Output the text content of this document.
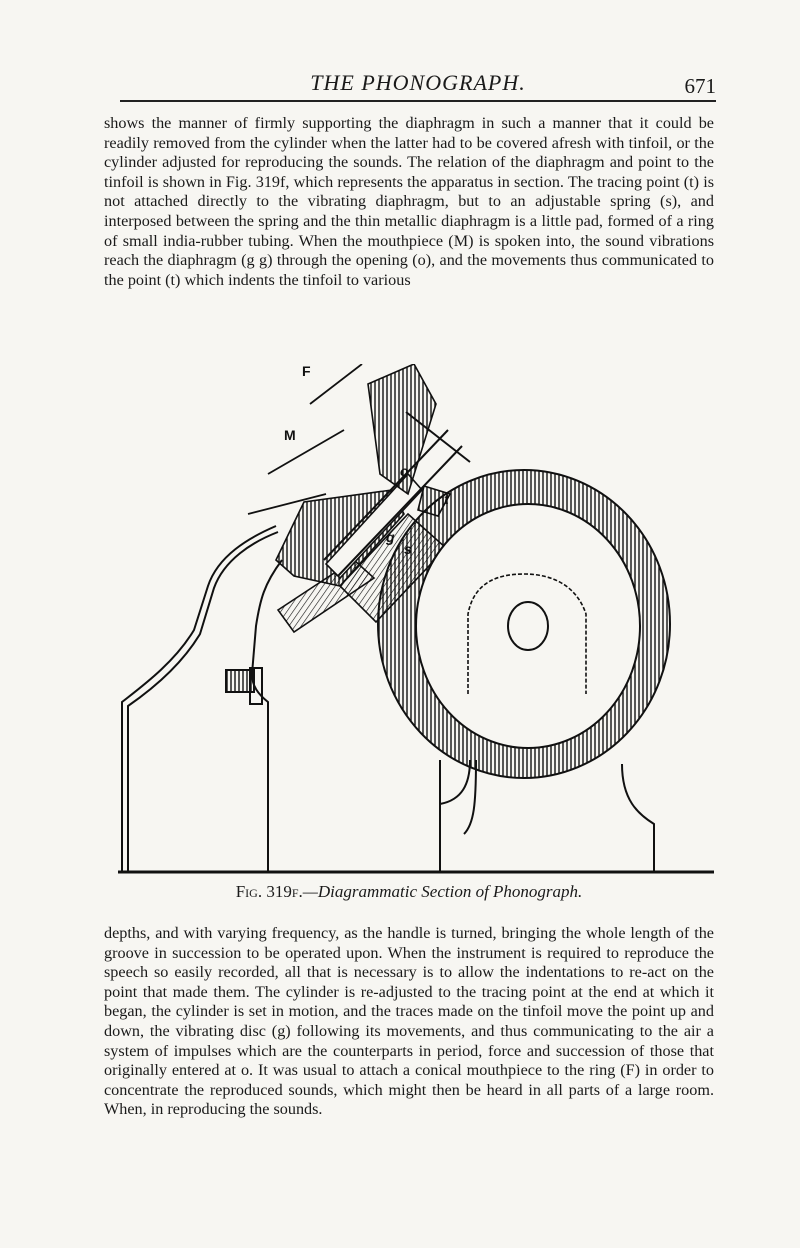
THE PHONOGRAPH.	671

shows the manner of firmly supporting the diaphragm in such a manner that it could be readily removed from the cylinder when the latter had to be covered afresh with tinfoil, or the cylinder adjusted for reproducing the sounds. The relation of the diaphragm and point to the tinfoil is shown in Fig. 319f, which represents the apparatus in section. The tracing point (t) is not attached directly to the vibrating diaphragm, but to an adjustable spring (s), and interposed between the spring and the thin metallic diaphragm is a little pad, formed of a ring of small india-rubber tubing. When the mouthpiece (M) is spoken into, the sound vibrations reach the diaphragm (g g) through the opening (o), and the movements thus communicated to the point (t) which indents the tinfoil to various

F
M
o
t
g
s
Fig. 319f.—Diagrammatic Section of Phonograph.

depths, and with varying frequency, as the handle is turned, bringing the whole length of the groove in succession to be operated upon. When the instrument is required to reproduce the speech so easily recorded, all that is necessary is to allow the indentations to re-act on the point that made them. The cylinder is re-adjusted to the tracing point at the end at which it began, the cylinder is set in motion, and the traces made on the tinfoil move the point up and down, the vibrating disc (g) following its movements, and thus communicating to the air a system of impulses which are the counterparts in period, force and succession of those that originally entered at o. It was usual to attach a conical mouthpiece to the ring (F) in order to concentrate the reproduced sounds, which might then be heard in all parts of a large room. When, in reproducing the sounds.
